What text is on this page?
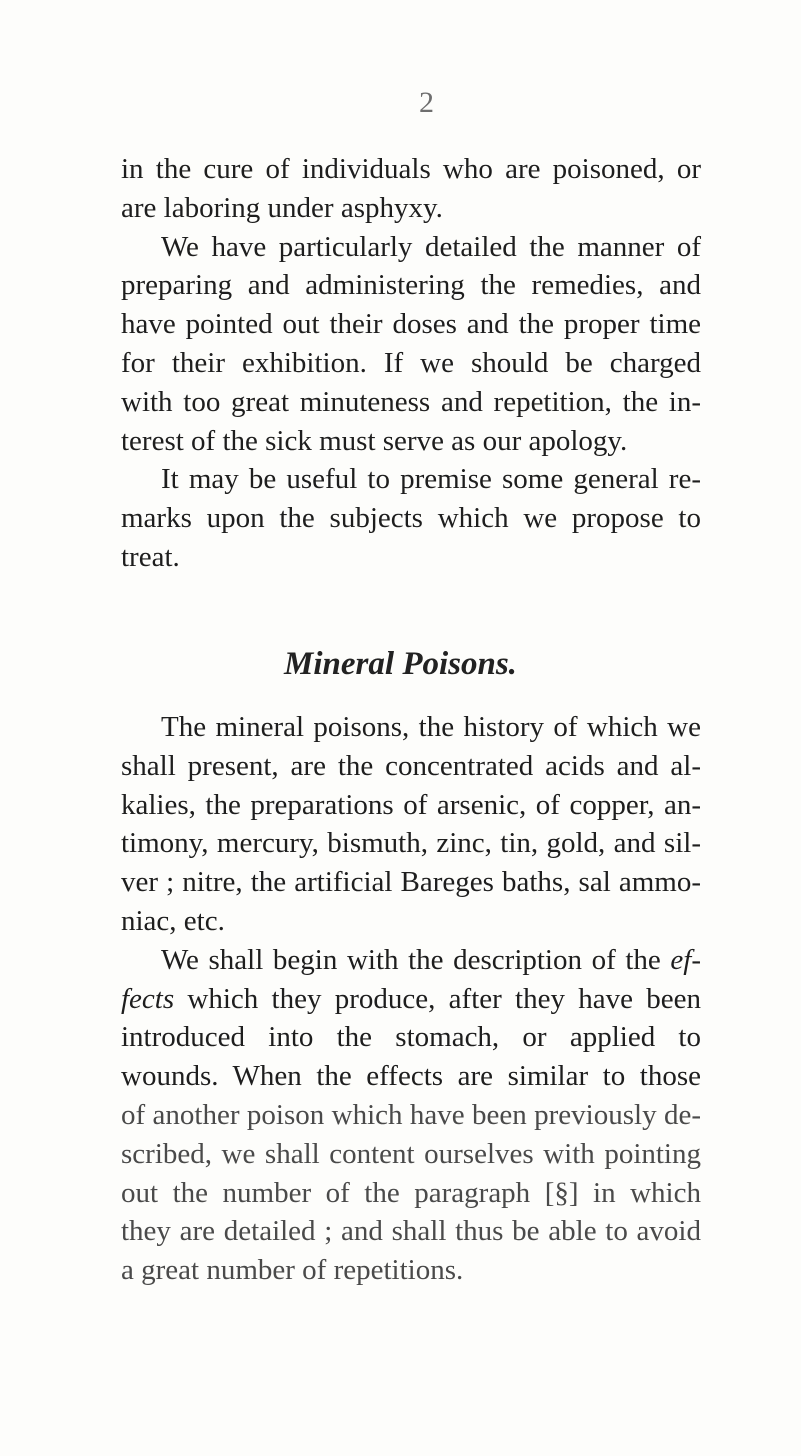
2
in the cure of individuals who are poisoned, or
are laboring under asphyxy.
We have particularly detailed the manner of
preparing and administering the remedies, and
have pointed out their doses and the proper time
for their exhibition. If we should be charged
with too great minuteness and repetition, the in-
terest of the sick must serve as our apology.
It may be useful to premise some general re-
marks upon the subjects which we propose to
treat.
Mineral Poisons.
The mineral poisons, the history of which we
shall present, are the concentrated acids and al-
kalies, the preparations of arsenic, of copper, an-
timony, mercury, bismuth, zinc, tin, gold, and sil-
ver ; nitre, the artificial Bareges baths, sal ammo-
niac, etc.
We shall begin with the description of the ef-
fects which they produce, after they have been
introduced into the stomach, or applied to
wounds. When the effects are similar to those
of another poison which have been previously de-
scribed, we shall content ourselves with pointing
out the number of the paragraph [§] in which
they are detailed ; and shall thus be able to avoid
a great number of repetitions.
